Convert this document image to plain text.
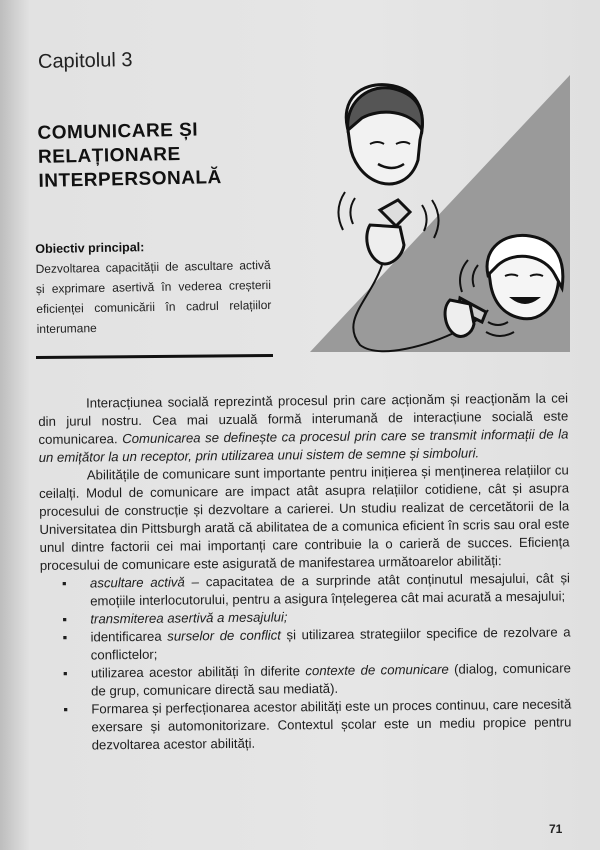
Capitolul 3
COMUNICARE ȘI
RELAȚIONARE
INTERPERSONALĂ
Obiectiv principal:
Dezvoltarea capacității de ascultare activă și exprimare asertivă în vederea creșterii eficienței comunicării în cadrul relațiilor interumane

Interacțiunea socială reprezintă procesul prin care acționăm și reacționăm la cei din jurul nostru. Cea mai uzuală formă interumană de interacțiune socială este comunicarea. Comunicarea se definește ca procesul prin care se transmit informații de la un emițător la un receptor, prin utilizarea unui sistem de semne și simboluri.

Abilitățile de comunicare sunt importante pentru inițierea și menținerea relațiilor cu ceilalți. Modul de comunicare are impact atât asupra relațiilor cotidiene, cât și asupra procesului de construcție și dezvoltare a carierei. Un studiu realizat de cercetătorii de la Universitatea din Pittsburgh arată că abilitatea de a comunica eficient în scris sau oral este unul dintre factorii cei mai importanți care contribuie la o carieră de succes. Eficiența procesului de comunicare este asigurată de manifestarea următoarelor abilități:

▪ ascultare activă – capacitatea de a surprinde atât conținutul mesajului, cât și emoțiile interlocutorului, pentru a asigura înțelegerea cât mai acurată a mesajului;
▪ transmiterea asertivă a mesajului;
▪ identificarea surselor de conflict și utilizarea strategiilor specifice de rezolvare a conflictelor;
▪ utilizarea acestor abilități în diferite contexte de comunicare (dialog, comunicare de grup, comunicare directă sau mediată).
▪ Formarea și perfecționarea acestor abilități este un proces continuu, care necesită exersare și automonitorizare. Contextul școlar este un mediu propice pentru dezvoltarea acestor abilități.
71
